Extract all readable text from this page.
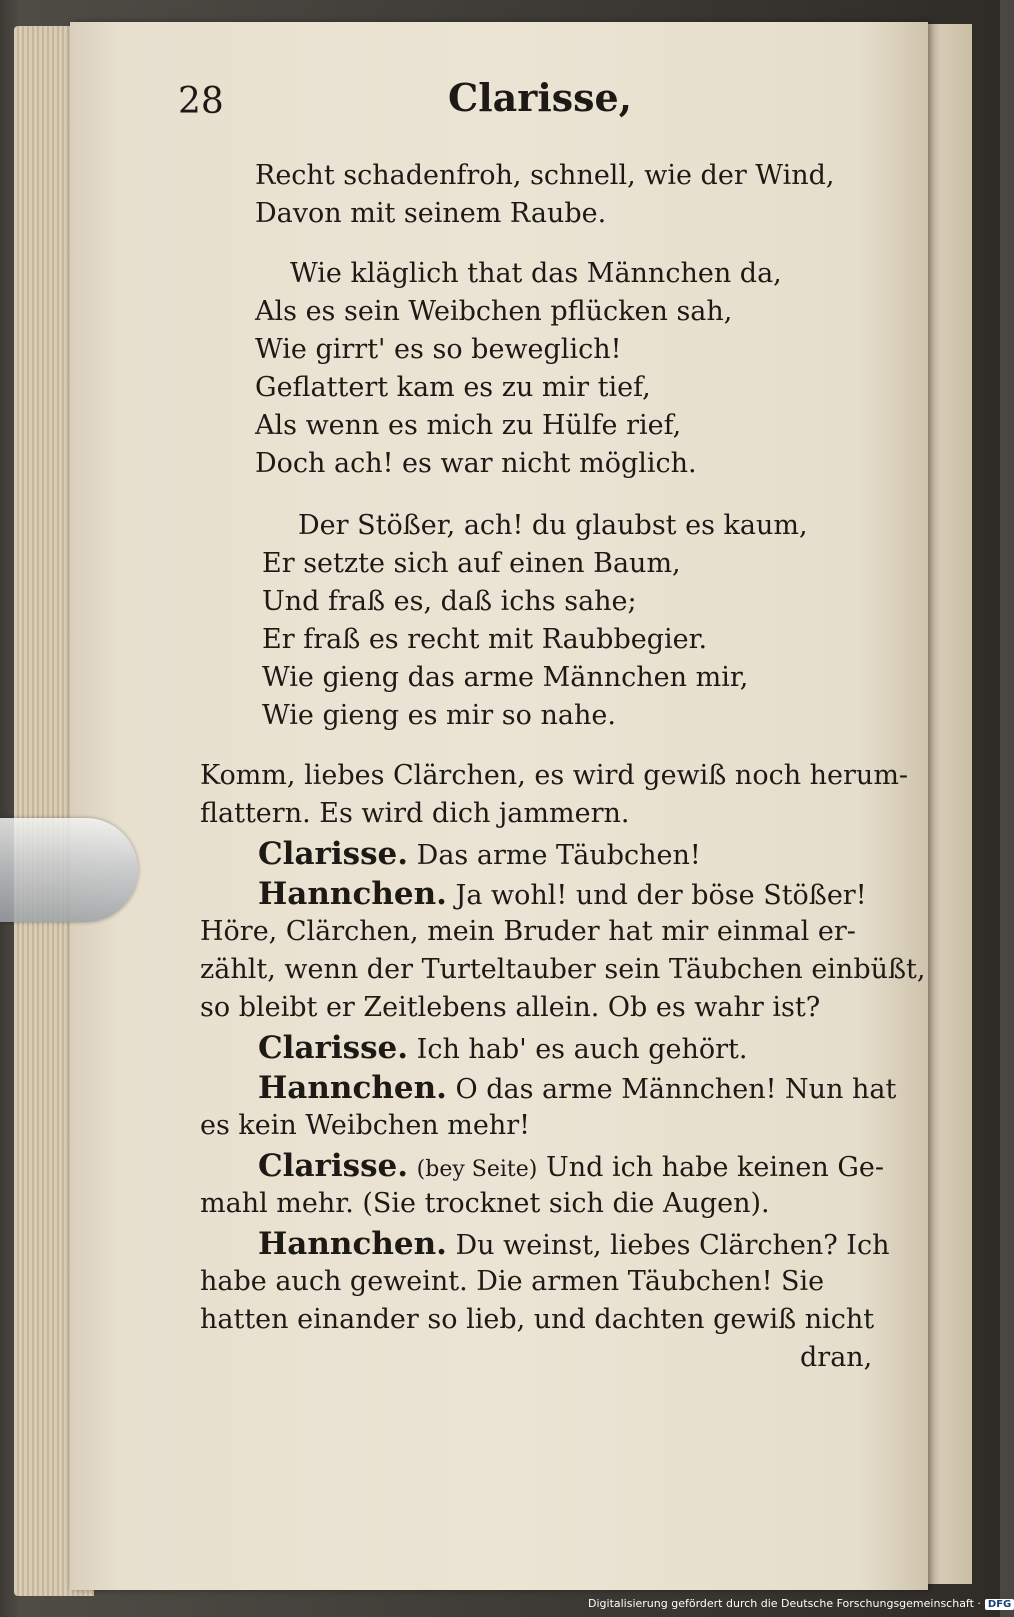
28	Clarisse,
Recht schadenfroh, schnell, wie der Wind,
Davon mit seinem Raube.
Wie kläglich that das Männchen da,
Als es sein Weibchen pflücken sah,
Wie girrt' es so beweglich!
Geflattert kam es zu mir tief,
Als wenn es mich zu Hülfe rief,
Doch ach! es war nicht möglich.
Der Stößer, ach! du glaubst es kaum,
Er setzte sich auf einen Baum,
Und fraß es, daß ichs sahe;
Er fraß es recht mit Raubbegier.
Wie gieng das arme Männchen mir,
Wie gieng es mir so nahe.
Komm, liebes Clärchen, es wird gewiß noch herum-
flattern. Es wird dich jammern.
Clarisse. Das arme Täubchen!
Hannchen. Ja wohl! und der böse Stößer!
Höre, Clärchen, mein Bruder hat mir einmal er-
zählt, wenn der Turteltauber sein Täubchen einbüßt,
so bleibt er Zeitlebens allein. Ob es wahr ist?
Clarisse. Ich hab' es auch gehört.
Hannchen. O das arme Männchen! Nun hat
es kein Weibchen mehr!
Clarisse. (bey Seite) Und ich habe keinen Ge-
mahl mehr. (Sie trocknet sich die Augen).
Hannchen. Du weinst, liebes Clärchen? Ich
habe auch geweint. Die armen Täubchen! Sie
hatten einander so lieb, und dachten gewiß nicht
dran,
Digitalisierung gefördert durch die Deutsche Forschungsgemeinschaft · DFG
